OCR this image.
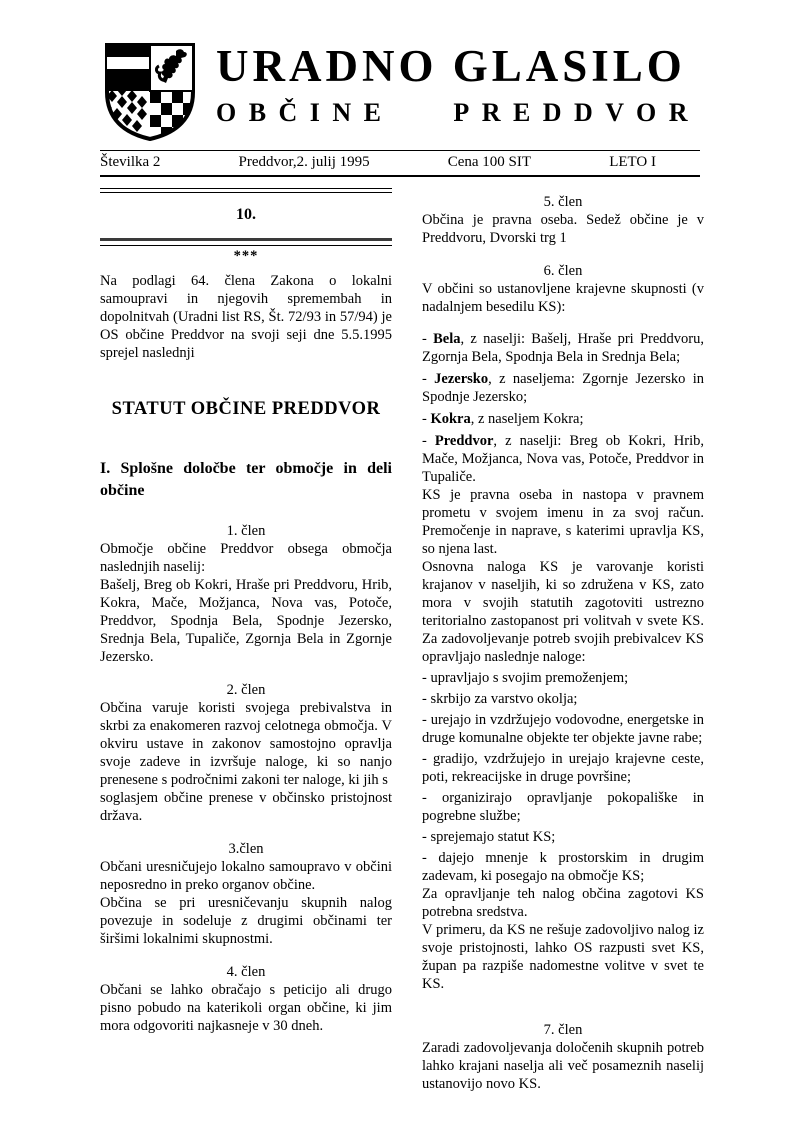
URADNO GLASILO
OBČINE PREDDVOR
Številka 2	Preddvor,2. julij 1995	Cena 100 SIT	LETO I
10.
***

Na podlagi 64. člena Zakona o lokalni samoupravi in njegovih spremembah in dopolnitvah (Uradni list RS, Št. 72/93 in 57/94) je OS občine Preddvor na svoji seji dne 5.5.1995 sprejel naslednji

STATUT OBČINE PREDDVOR
I. Splošne določbe ter območje in deli občine
1. člen

Območje občine Preddvor obsega območja naslednjih naselij:

Bašelj, Breg ob Kokri, Hraše pri Preddvoru, Hrib, Kokra, Mače, Možjanca, Nova vas, Potoče, Preddvor, Spodnja Bela, Spodnje Jezersko, Srednja Bela, Tupaliče, Zgornja Bela in Zgornje Jezersko.

2. člen

Občina varuje koristi svojega prebivalstva in skrbi za enakomeren razvoj celotnega območja. V okviru ustave in zakonov samostojno opravlja svoje zadeve in izvršuje naloge, ki so nanjo prenesene s področnimi zakoni ter naloge, ki jih s

soglasjem občine prenese v občinsko pristojnost država.

3.člen

Občani uresničujejo lokalno samoupravo v občini neposredno in preko organov občine.

Občina se pri uresničevanju skupnih nalog povezuje in sodeluje z drugimi občinami ter širšimi lokalnimi skupnostmi.

4. člen

Občani se lahko obračajo s peticijo ali drugo pisno pobudo na katerikoli organ občine, ki jim mora odgovoriti najkasneje v 30 dneh.

5. člen

Občina je pravna oseba. Sedež občine je v Preddvoru, Dvorski trg 1

6. člen

V občini so ustanovljene krajevne skupnosti (v nadalnjem besedilu KS):

- Bela, z naselji: Bašelj, Hraše pri Preddvoru, Zgornja Bela, Spodnja Bela in Srednja Bela;

- Jezersko, z naseljema: Zgornje Jezersko in Spodnje Jezersko;

- Kokra, z naseljem Kokra;

- Preddvor, z naselji: Breg ob Kokri, Hrib, Mače, Možjanca, Nova vas, Potoče, Preddvor in Tupaliče.

KS je pravna oseba in nastopa v pravnem prometu v svojem imenu in za svoj račun. Premočenje in naprave, s katerimi upravlja KS, so njena last.

Osnovna naloga KS je varovanje koristi krajanov v naseljih, ki so združena v KS, zato mora v svojih statutih zagotoviti ustrezno teritorialno zastopanost pri volitvah v svete KS. Za zadovoljevanje potreb svojih prebivalcev KS opravljajo naslednje naloge:

- upravljajo s svojim premoženjem;

- skrbijo za varstvo okolja;

- urejajo in vzdržujejo vodovodne, energetske in druge komunalne objekte ter objekte javne rabe;

- gradijo, vzdržujejo in urejajo krajevne ceste, poti, rekreacijske in druge površine;

- organizirajo opravljanje pokopališke in pogrebne službe;

- sprejemajo statut KS;

- dajejo mnenje k prostorskim in drugim zadevam, ki posegajo na območje KS;

Za opravljanje teh nalog občina zagotovi KS potrebna sredstva.

V primeru, da KS ne rešuje zadovoljivo nalog iz svoje pristojnosti, lahko OS razpusti svet KS, župan pa razpiše nadomestne volitve v svet te KS.

7. člen

Zaradi zadovoljevanja določenih skupnih potreb lahko krajani naselja ali več posameznih naselij ustanovijo novo KS.
